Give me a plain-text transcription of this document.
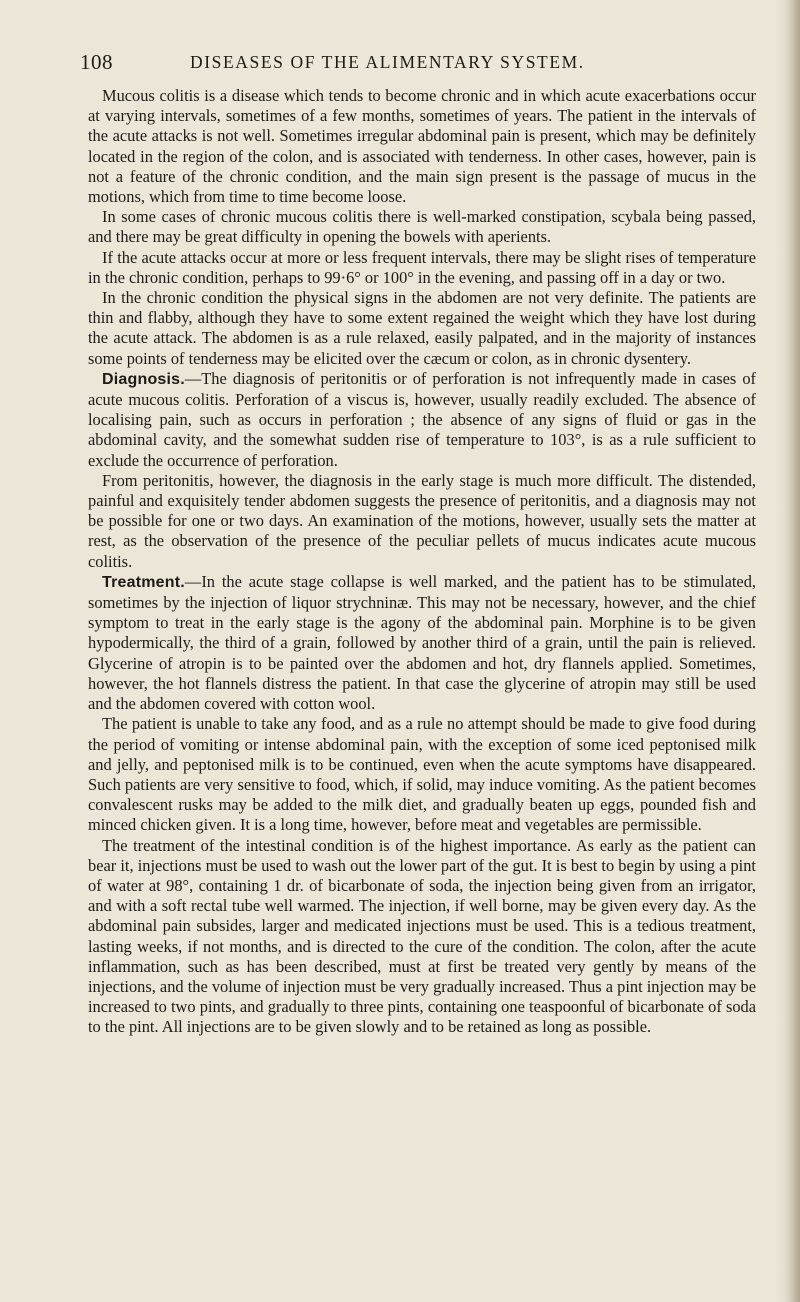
108	DISEASES OF THE ALIMENTARY SYSTEM.

Mucous colitis is a disease which tends to become chronic and in which acute exacerbations occur at varying intervals, sometimes of a few months, sometimes of years. The patient in the intervals of the acute attacks is not well. Sometimes irregular abdominal pain is present, which may be definitely located in the region of the colon, and is associated with tenderness. In other cases, however, pain is not a feature of the chronic condition, and the main sign present is the passage of mucus in the motions, which from time to time become loose.

In some cases of chronic mucous colitis there is well-marked constipation, scybala being passed, and there may be great difficulty in opening the bowels with aperients.

If the acute attacks occur at more or less frequent intervals, there may be slight rises of temperature in the chronic condition, perhaps to 99·6° or 100° in the evening, and passing off in a day or two.

In the chronic condition the physical signs in the abdomen are not very definite. The patients are thin and flabby, although they have to some extent regained the weight which they have lost during the acute attack. The abdomen is as a rule relaxed, easily palpated, and in the majority of instances some points of tenderness may be elicited over the cæcum or colon, as in chronic dysentery.

Diagnosis.—The diagnosis of peritonitis or of perforation is not infrequently made in cases of acute mucous colitis. Perforation of a viscus is, however, usually readily excluded. The absence of localising pain, such as occurs in perforation ; the absence of any signs of fluid or gas in the abdominal cavity, and the somewhat sudden rise of temperature to 103°, is as a rule sufficient to exclude the occurrence of perforation.

From peritonitis, however, the diagnosis in the early stage is much more difficult. The distended, painful and exquisitely tender abdomen suggests the presence of peritonitis, and a diagnosis may not be possible for one or two days. An examination of the motions, however, usually sets the matter at rest, as the observation of the presence of the peculiar pellets of mucus indicates acute mucous colitis.

Treatment.—In the acute stage collapse is well marked, and the patient has to be stimulated, sometimes by the injection of liquor strychninæ. This may not be necessary, however, and the chief symptom to treat in the early stage is the agony of the abdominal pain. Morphine is to be given hypodermically, the third of a grain, followed by another third of a grain, until the pain is relieved. Glycerine of atropin is to be painted over the abdomen and hot, dry flannels applied. Sometimes, however, the hot flannels distress the patient. In that case the glycerine of atropin may still be used and the abdomen covered with cotton wool.

The patient is unable to take any food, and as a rule no attempt should be made to give food during the period of vomiting or intense abdominal pain, with the exception of some iced peptonised milk and jelly, and peptonised milk is to be continued, even when the acute symptoms have disappeared. Such patients are very sensitive to food, which, if solid, may induce vomiting. As the patient becomes convalescent rusks may be added to the milk diet, and gradually beaten up eggs, pounded fish and minced chicken given. It is a long time, however, before meat and vegetables are permissible.

The treatment of the intestinal condition is of the highest importance. As early as the patient can bear it, injections must be used to wash out the lower part of the gut. It is best to begin by using a pint of water at 98°, containing 1 dr. of bicarbonate of soda, the injection being given from an irrigator, and with a soft rectal tube well warmed. The injection, if well borne, may be given every day. As the abdominal pain subsides, larger and medicated injections must be used. This is a tedious treatment, lasting weeks, if not months, and is directed to the cure of the condition. The colon, after the acute inflammation, such as has been described, must at first be treated very gently by means of the injections, and the volume of injection must be very gradually increased. Thus a pint injection may be increased to two pints, and gradually to three pints, containing one teaspoonful of bicarbonate of soda to the pint. All injections are to be given slowly and to be retained as long as possible.
